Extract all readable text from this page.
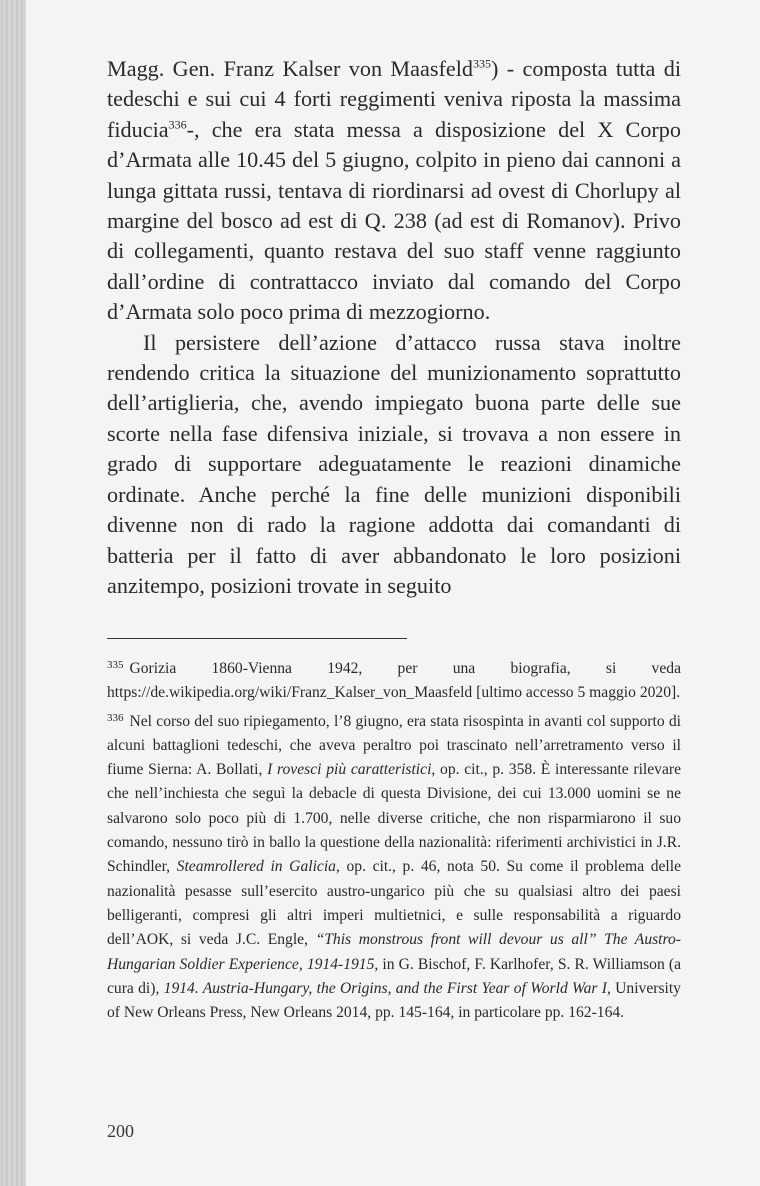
Magg. Gen. Franz Kalser von Maasfeld$^{335}$) - composta tutta di tedeschi e sui cui 4 forti reggimenti veniva riposta la massima fiducia$^{336}$-, che era stata messa a disposizione del X Corpo d’Armata alle 10.45 del 5 giugno, colpito in pieno dai cannoni a lunga gittata russi, tentava di riordinarsi ad ovest di Chorlupy al margine del bosco ad est di Q. 238 (ad est di Romanov). Privo di collegamenti, quanto restava del suo staff venne raggiunto dall’ordine di contrattacco inviato dal comando del Corpo d’Armata solo poco prima di mezzogiorno.

Il persistere dell’azione d’attacco russa stava inoltre rendendo critica la situazione del munizionamento soprattutto dell’artiglieria, che, avendo impiegato buona parte delle sue scorte nella fase difensiva iniziale, si trovava a non essere in grado di supportare adeguatamente le reazioni dinamiche ordinate. Anche perché la fine delle munizioni disponibili divenne non di rado la ragione addotta dai comandanti di batteria per il fatto di aver abbandonato le loro posizioni anzitempo, posizioni trovate in seguito

$^{335}$ Gorizia 1860-Vienna 1942, per una biografia, si veda https://de.wikipedia.org/wiki/Franz_Kalser_von_Maasfeld [ultimo accesso 5 maggio 2020].

$^{336}$ Nel corso del suo ripiegamento, l’8 giugno, era stata risospinta in avanti col supporto di alcuni battaglioni tedeschi, che aveva peraltro poi trascinato nell’arretramento verso il fiume Sierna: A. Bollati, I rovesci più caratteristici, op. cit., p. 358. È interessante rilevare che nell’inchiesta che seguì la debacle di questa Divisione, dei cui 13.000 uomini se ne salvarono solo poco più di 1.700, nelle diverse critiche, che non risparmiarono il suo comando, nessuno tirò in ballo la questione della nazionalità: riferimenti archivistici in J.R. Schindler, Steamrollered in Galicia, op. cit., p. 46, nota 50. Su come il problema delle nazionalità pesasse sull’esercito austro-ungarico più che su qualsiasi altro dei paesi belligeranti, compresi gli altri imperi multietnici, e sulle responsabilità a riguardo dell’AOK, si veda J.C. Engle, “This monstrous front will devour us all” The Austro-Hungarian Soldier Experience, 1914-1915, in G. Bischof, F. Karlhofer, S. R. Williamson (a cura di), 1914. Austria-Hungary, the Origins, and the First Year of World War I, University of New Orleans Press, New Orleans 2014, pp. 145-164, in particolare pp. 162-164.

200
